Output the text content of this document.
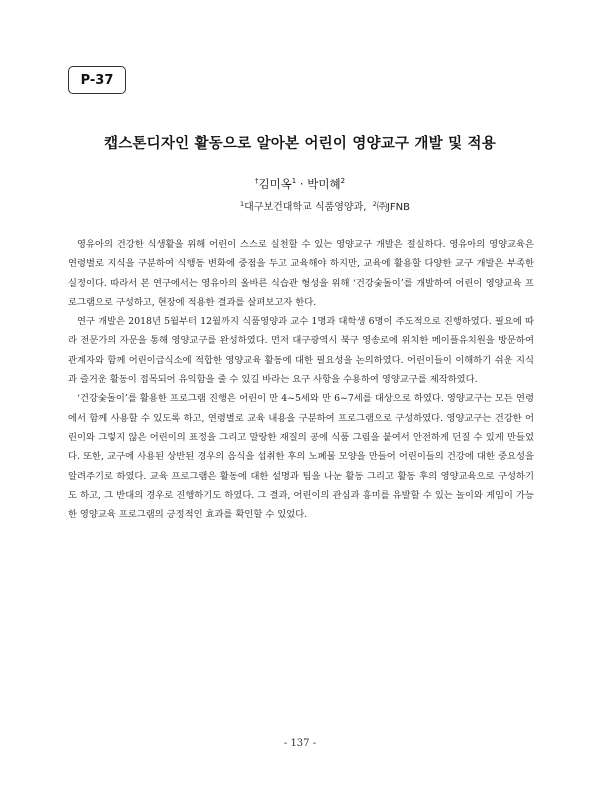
P-37
캡스톤디자인 활동으로 알아본 어린이 영양교구 개발 및 적용
†김미옥$^1$ · 박미혜$^2$
$^1$대구보건대학교 식품영양과, $^2$㈜JFNB

영유아의 건강한 식생활을 위해 어린이 스스로 실천할 수 있는 영양교구 개발은 절실하다. 영유아의 영양교육은 연령별로 지식을 구분하여 식행동 변화에 중점을 두고 교육해야 하지만, 교육에 활용할 다양한 교구 개발은 부족한 실정이다. 따라서 본 연구에서는 영유아의 올바른 식습관 형성을 위해 ‘건강숯돌이’를 개발하여 어린이 영양교육 프로그램으로 구성하고, 현장에 적용한 결과를 살펴보고자 한다.

연구 개발은 2018년 5월부터 12월까지 식품영양과 교수 1명과 대학생 6명이 주도적으로 진행하였다. 필요에 따라 전문가의 자문을 통해 영양교구를 완성하였다. 먼저 대구광역시 북구 영송로에 위치한 메이플유치원을 방문하여 관계자와 함께 어린이급식소에 적합한 영양교육 활동에 대한 필요성을 논의하였다. 어린이들이 이해하기 쉬운 지식과 즐거운 활동이 접목되어 유익함을 줄 수 있길 바라는 요구 사항을 수용하여 영양교구를 제작하였다.

‘건강숯돌이’를 활용한 프로그램 진행은 어린이 만 4~5세와 만 6~7세를 대상으로 하였다. 영양교구는 모든 연령에서 함께 사용할 수 있도록 하고, 연령별로 교육 내용을 구분하여 프로그램으로 구성하였다. 영양교구는 건강한 어린이와 그렇지 않은 어린이의 표정을 그리고 말랑한 재질의 공에 식품 그림을 붙여서 안전하게 던질 수 있게 만들었다. 또한, 교구에 사용된 상반된 경우의 음식을 섭취한 후의 노폐물 모양을 만들어 어린이들의 건강에 대한 중요성을 알려주기로 하였다. 교육 프로그램은 활동에 대한 설명과 팀을 나눈 활동 그리고 활동 후의 영양교육으로 구성하기도 하고, 그 반대의 경우로 진행하기도 하였다. 그 결과, 어린이의 관심과 흥미를 유발할 수 있는 놀이와 게임이 가능한 영양교육 프로그램의 긍정적인 효과를 확인할 수 있었다.

- 137 -
